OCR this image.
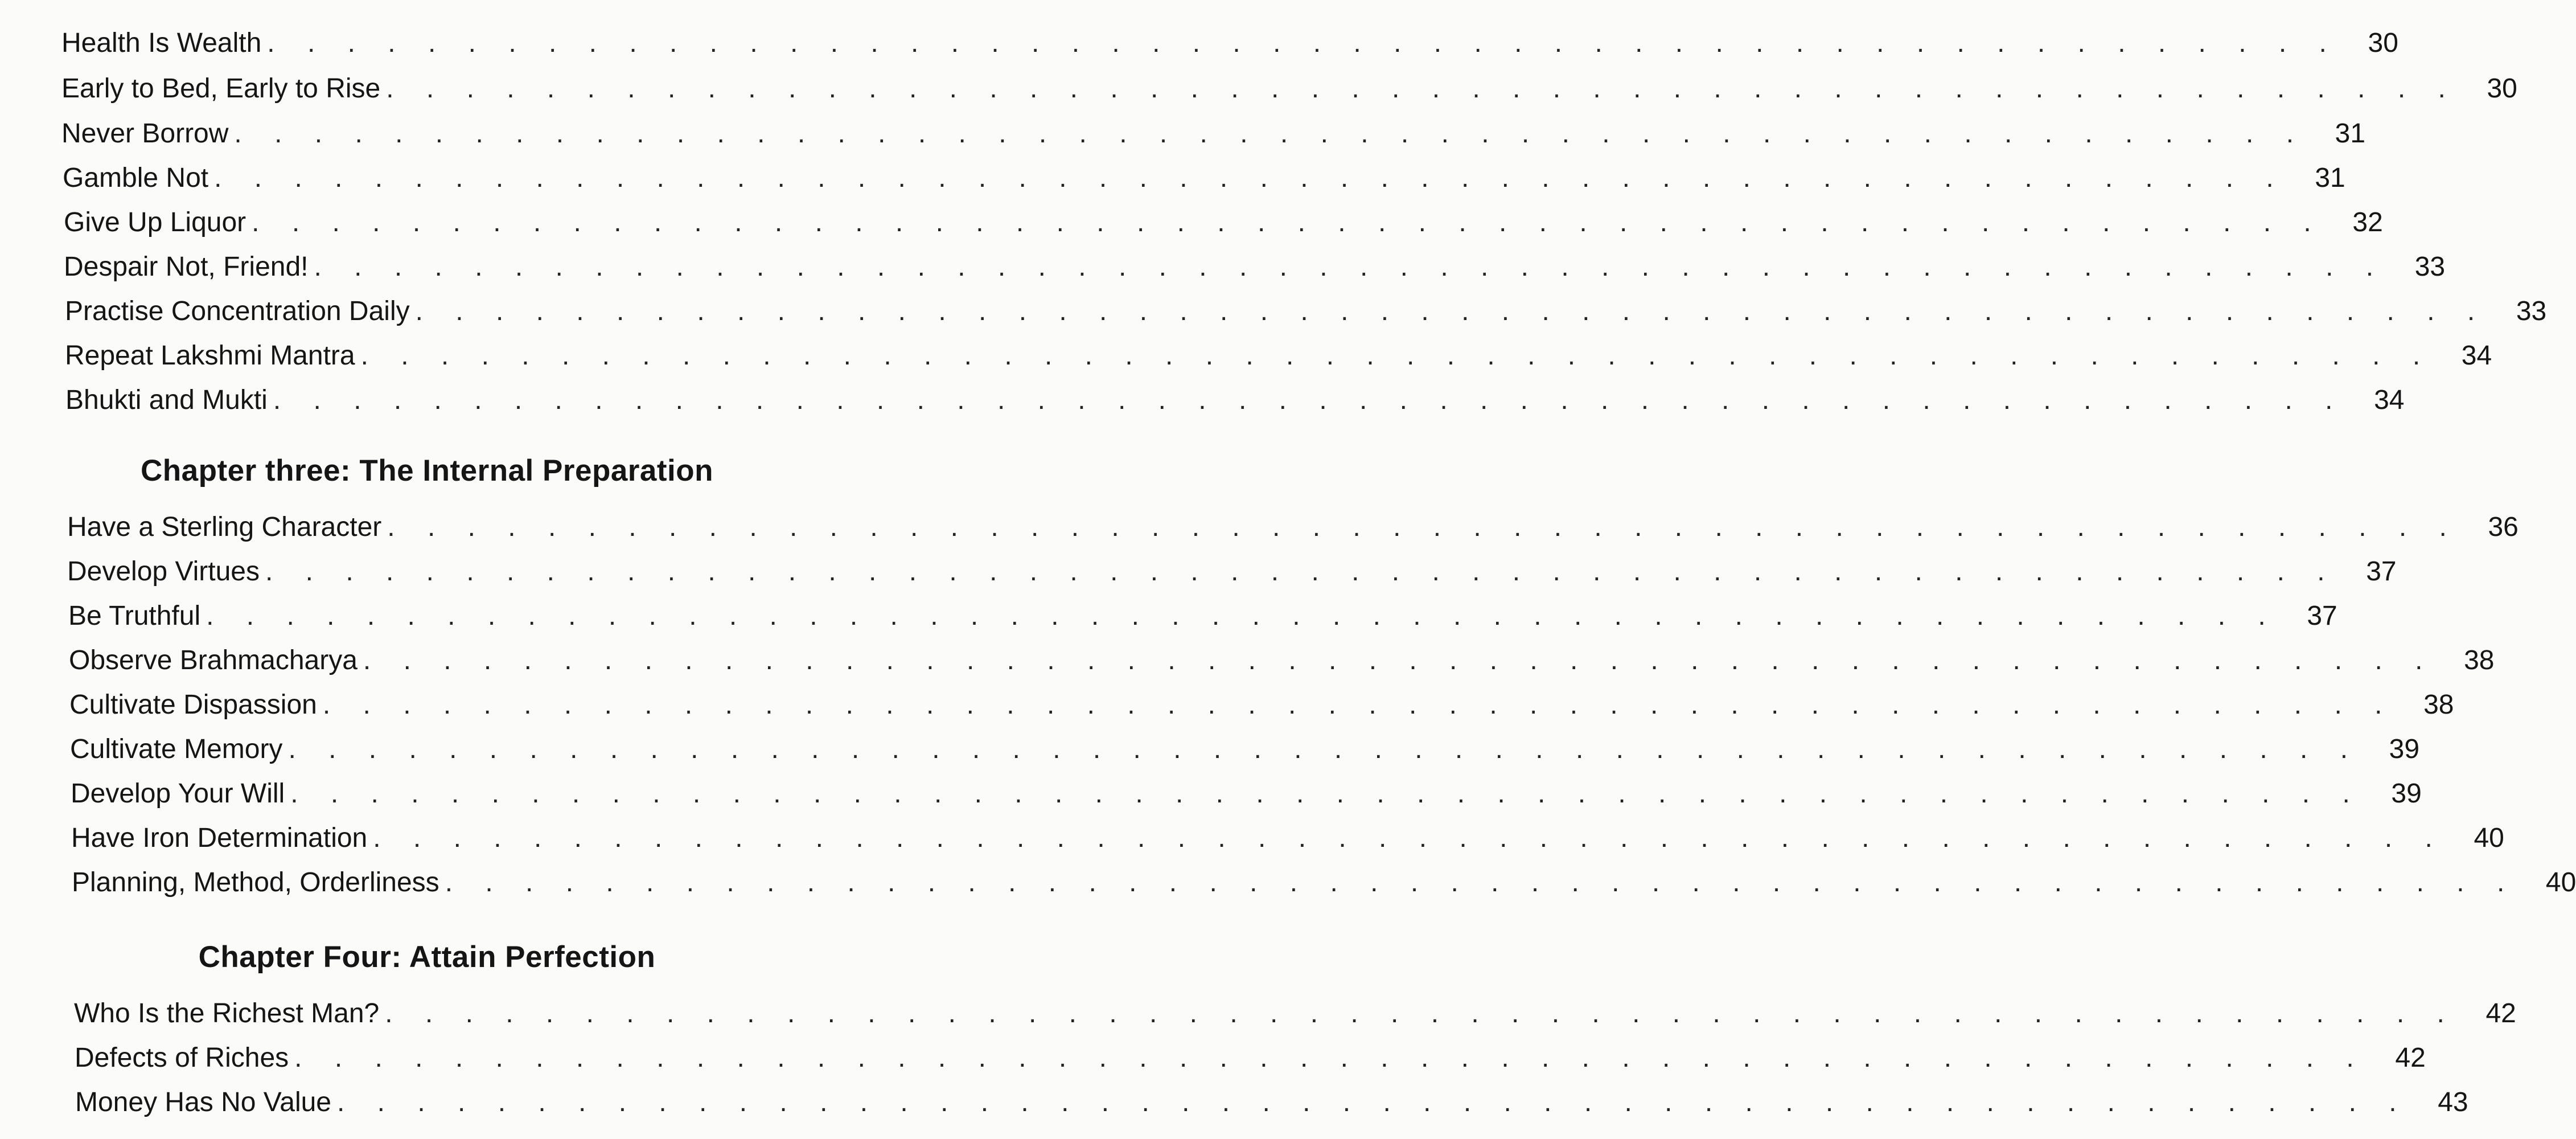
Health Is Wealth . . . . . . . . . . . . . . . . . . . . . . . . . . . . . . . . . . . . . . . . . . . . . . . . . . . .	30
Early to Bed, Early to Rise . . . . . . . . . . . . . . . . . . . . . . . . . . . . . . . . . . . . . . . . . . . . . . . . . . . .	30
Never Borrow . . . . . . . . . . . . . . . . . . . . . . . . . . . . . . . . . . . . . . . . . . . . . . . . . . . .	31
Gamble Not . . . . . . . . . . . . . . . . . . . . . . . . . . . . . . . . . . . . . . . . . . . . . . . . . . . .	31
Give Up Liquor . . . . . . . . . . . . . . . . . . . . . . . . . . . . . . . . . . . . . . . . . . . . . . . . . . . .	32
Despair Not, Friend! . . . . . . . . . . . . . . . . . . . . . . . . . . . . . . . . . . . . . . . . . . . . . . . . . . . .	33
Practise Concentration Daily . . . . . . . . . . . . . . . . . . . . . . . . . . . . . . . . . . . . . . . . . . . . . . . . . . . .	33
Repeat Lakshmi Mantra . . . . . . . . . . . . . . . . . . . . . . . . . . . . . . . . . . . . . . . . . . . . . . . . . . . .	34
Bhukti and Mukti . . . . . . . . . . . . . . . . . . . . . . . . . . . . . . . . . . . . . . . . . . . . . . . . . . . .	34
Chapter three: The Internal Preparation
Have a Sterling Character . . . . . . . . . . . . . . . . . . . . . . . . . . . . . . . . . . . . . . . . . . . . . . . . . . . .	36
Develop Virtues . . . . . . . . . . . . . . . . . . . . . . . . . . . . . . . . . . . . . . . . . . . . . . . . . . . .	37
Be Truthful . . . . . . . . . . . . . . . . . . . . . . . . . . . . . . . . . . . . . . . . . . . . . . . . . . . .	37
Observe Brahmacharya . . . . . . . . . . . . . . . . . . . . . . . . . . . . . . . . . . . . . . . . . . . . . . . . . . . .	38
Cultivate Dispassion . . . . . . . . . . . . . . . . . . . . . . . . . . . . . . . . . . . . . . . . . . . . . . . . . . . .	38
Cultivate Memory . . . . . . . . . . . . . . . . . . . . . . . . . . . . . . . . . . . . . . . . . . . . . . . . . . . .	39
Develop Your Will . . . . . . . . . . . . . . . . . . . . . . . . . . . . . . . . . . . . . . . . . . . . . . . . . . . .	39
Have Iron Determination . . . . . . . . . . . . . . . . . . . . . . . . . . . . . . . . . . . . . . . . . . . . . . . . . . . .	40
Planning, Method, Orderliness . . . . . . . . . . . . . . . . . . . . . . . . . . . . . . . . . . . . . . . . . . . . . . . . . . . .	40
Chapter Four: Attain Perfection
Who Is the Richest Man? . . . . . . . . . . . . . . . . . . . . . . . . . . . . . . . . . . . . . . . . . . . . . . . . . . . .	42
Defects of Riches . . . . . . . . . . . . . . . . . . . . . . . . . . . . . . . . . . . . . . . . . . . . . . . . . . . .	42
Money Has No Value . . . . . . . . . . . . . . . . . . . . . . . . . . . . . . . . . . . . . . . . . . . . . . . . . . . .	43
